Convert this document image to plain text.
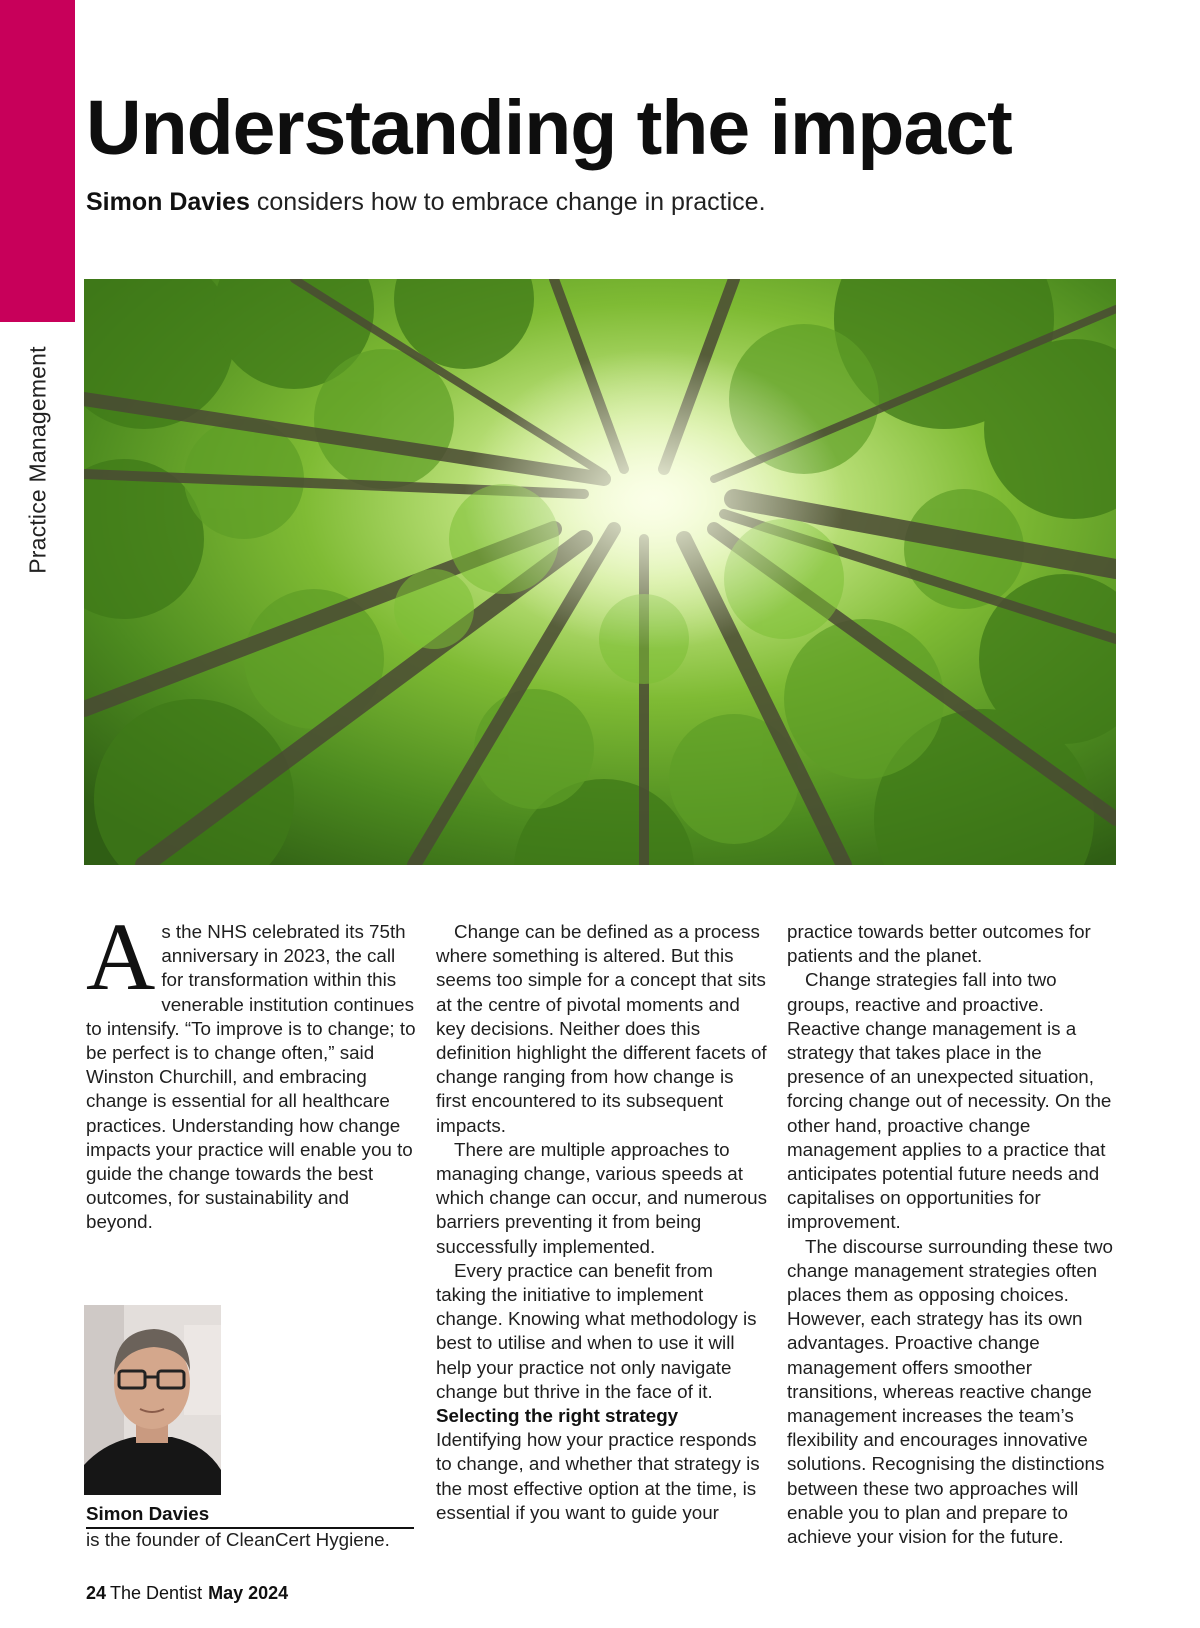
Practice Management
Understanding the impact

Simon Davies considers how to embrace change in practice.

A s the NHS celebrated its 75th anniversary in 2023, the call for transformation within this venerable institution continues to intensify. “To improve is to change; to be perfect is to change often,” said Winston Churchill, and embracing change is essential for all healthcare practices. Understanding how change impacts your practice will enable you to guide the change towards the best outcomes, for sustainability and beyond.

Change can be defined as a process where something is altered. But this seems too simple for a concept that sits at the centre of pivotal moments and key decisions. Neither does this definition highlight the different facets of change ranging from how change is first encountered to its subsequent impacts.

There are multiple approaches to managing change, various speeds at which change can occur, and numerous barriers preventing it from being successfully implemented.

Every practice can benefit from taking the initiative to implement change. Knowing what methodology is best to utilise and when to use it will help your practice not only navigate change but thrive in the face of it.

Selecting the right strategy

Identifying how your practice responds to change, and whether that strategy is the most effective option at the time, is essential if you want to guide your

practice towards better outcomes for patients and the planet.

Change strategies fall into two groups, reactive and proactive. Reactive change management is a strategy that takes place in the presence of an unexpected situation, forcing change out of necessity. On the other hand, proactive change management applies to a practice that anticipates potential future needs and capitalises on opportunities for improvement.

The discourse surrounding these two change management strategies often places them as opposing choices. However, each strategy has its own advantages. Proactive change management offers smoother transitions, whereas reactive change management increases the team’s flexibility and encourages innovative solutions. Recognising the distinctions between these two approaches will enable you to plan and prepare to achieve your vision for the future.

Simon Davies
is the founder of CleanCert Hygiene.
24 The Dentist May 2024
